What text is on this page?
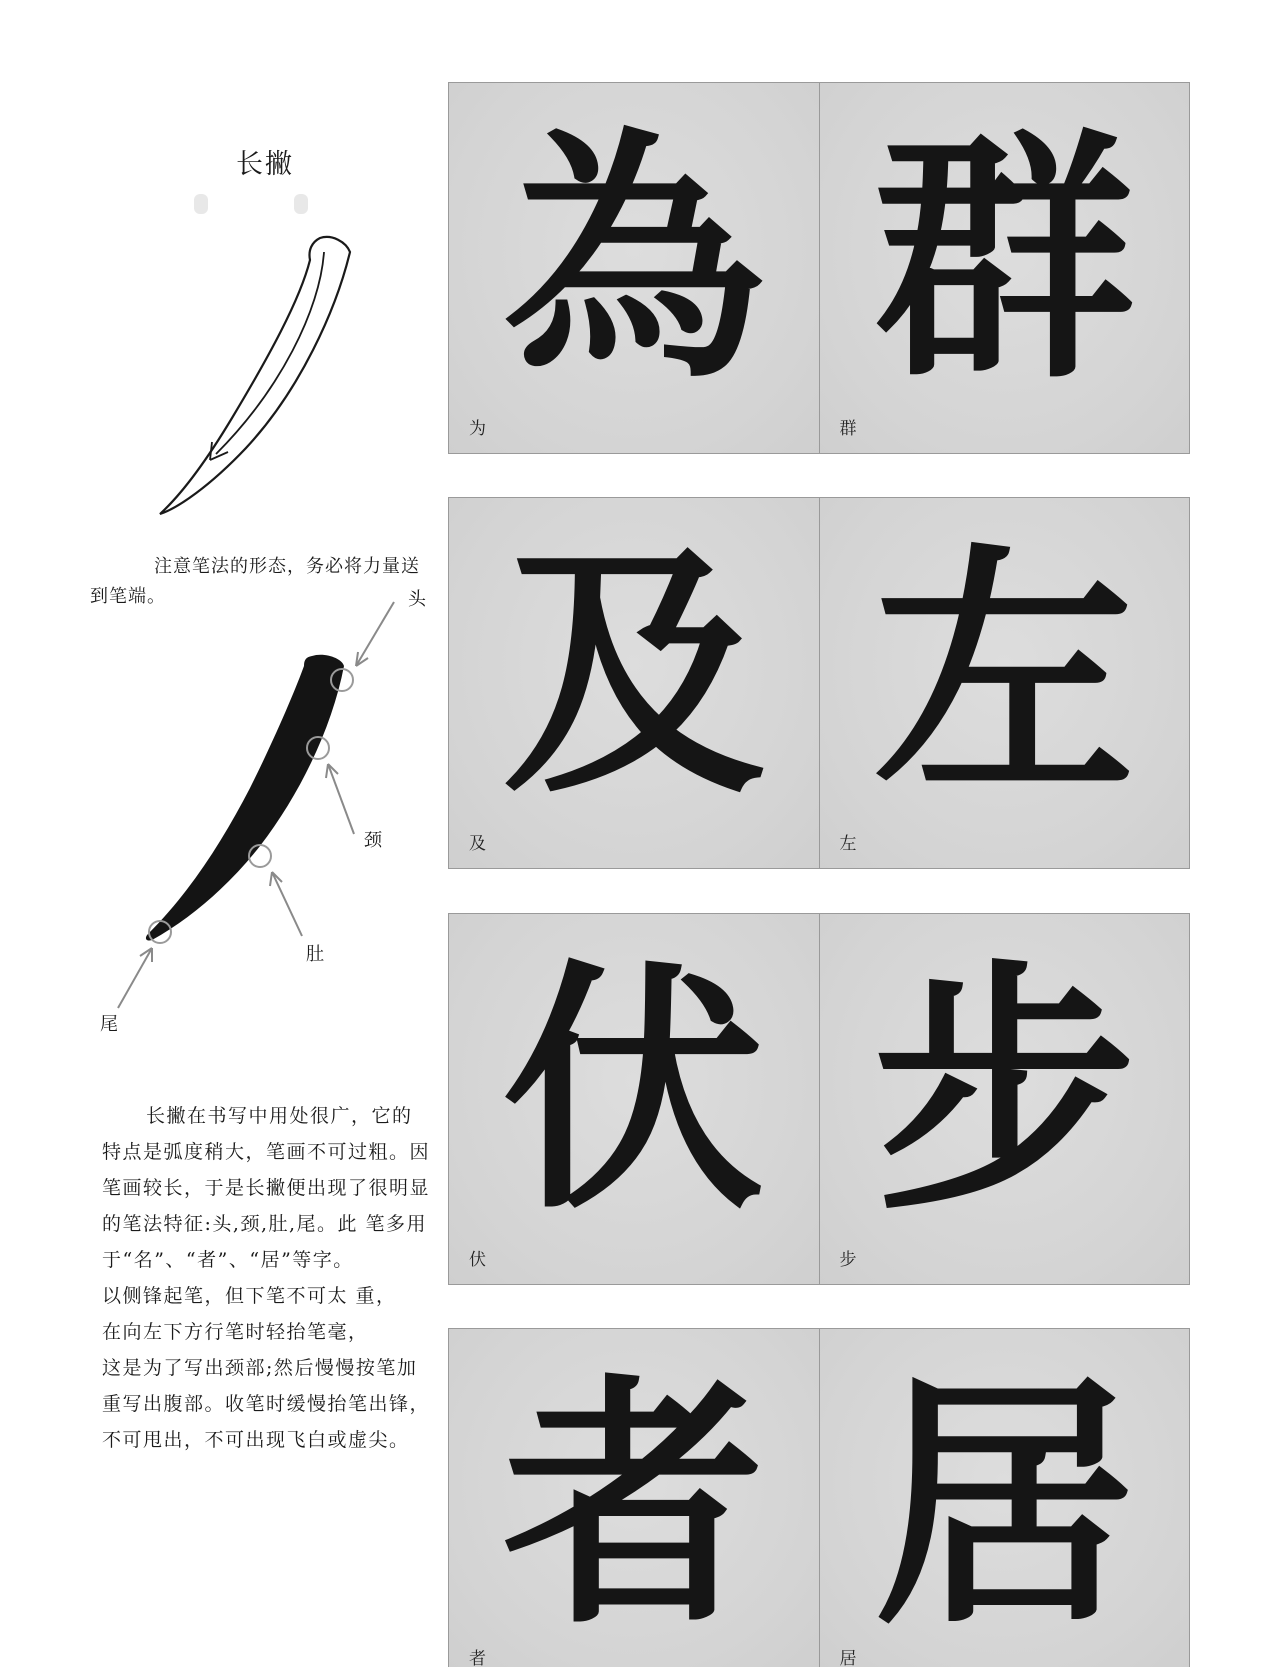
长撇
注意笔法的形态，务必将力量送到笔端。	头
颈
肚
尾

长撇在书写中用处很广，它的特点是弧度稍大，笔画不可过粗。因笔画较长，于是长撇便出现了很明显的笔法特征:头,颈,肚,尾。此 笔多用于“名”、“者”、“居”等字。

以侧锋起笔，但下笔不可太 重，

在向左下方行笔时轻抬笔毫，

这是为了写出颈部;然后慢慢按笔加重写出腹部。收笔时缓慢抬笔出锋，不可甩出，不可出现飞白或虚尖。

為
为
群
群
及
及
左
左
伏
伏
步
步
者
者 居
居
